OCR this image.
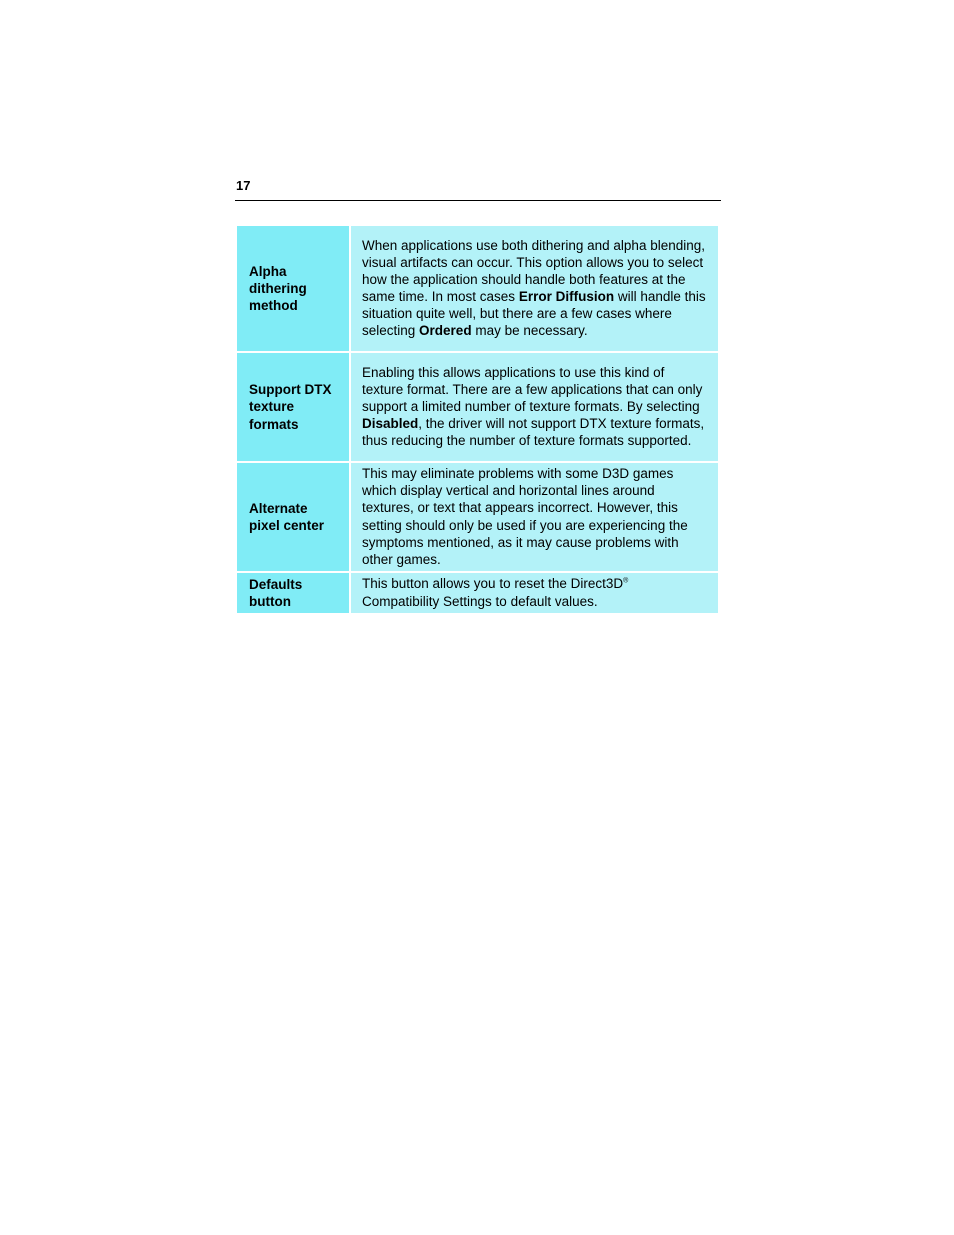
17
Alpha dithering method	When applications use both dithering and alpha blending, visual artifacts can occur. This option allows you to select how the application should handle both features at the same time. In most cases Error Diffusion will handle this situation quite well, but there are a few cases where selecting Ordered may be necessary.
Support DTX texture formats	Enabling this allows applications to use this kind of texture format. There are a few applications that can only support a limited number of texture formats. By selecting Disabled, the driver will not support DTX texture formats, thus reducing the number of texture formats supported.
Alternate pixel center	This may eliminate problems with some D3D games which display vertical and horizontal lines around textures, or text that appears incorrect. However, this setting should only be used if you are experiencing the symptoms mentioned, as it may cause problems with other games.
Defaults button	This button allows you to reset the Direct3D® Compatibility Settings to default values.
